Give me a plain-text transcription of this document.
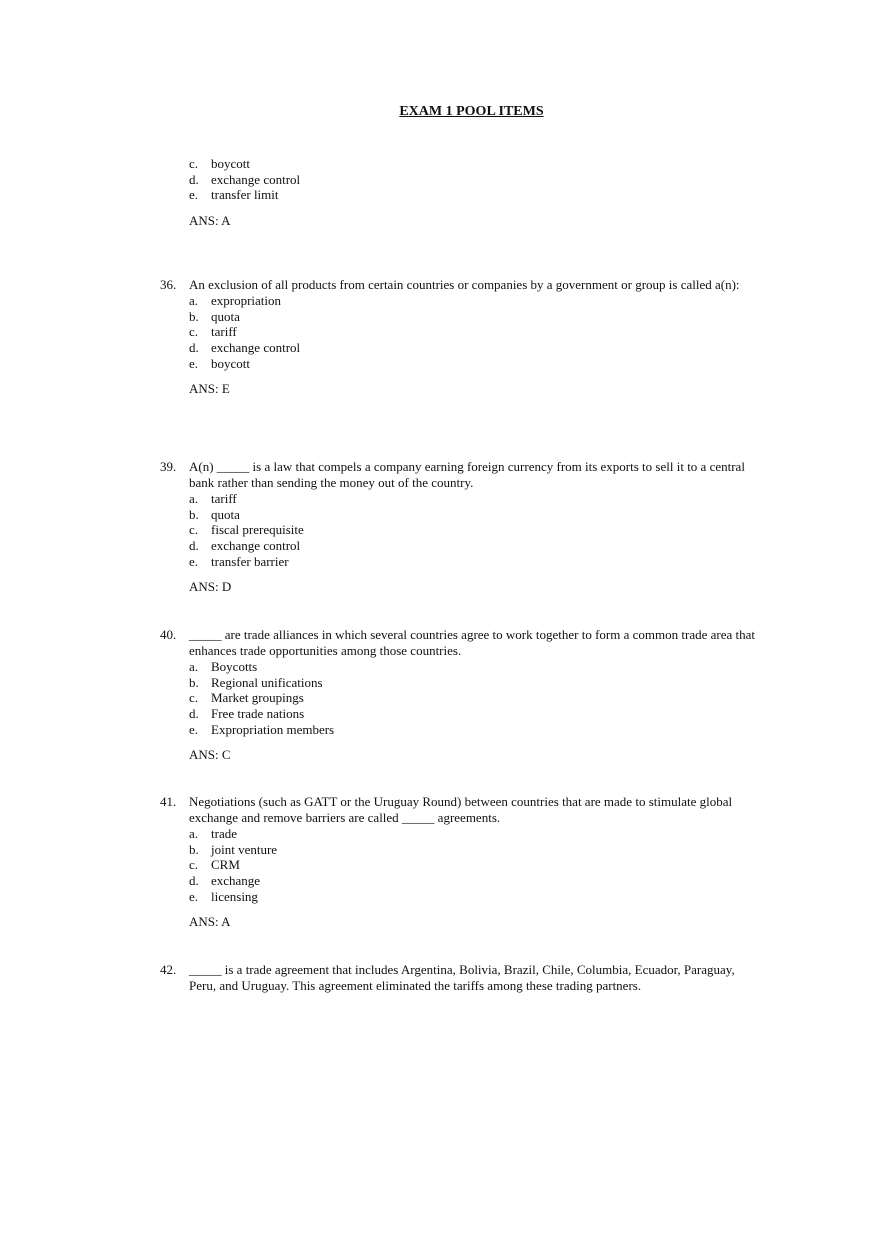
EXAM 1 POOL ITEMS
c. boycott
d. exchange control
e. transfer limit
ANS: A
36. An exclusion of all products from certain countries or companies by a government or group is called a(n):
a. expropriation
b. quota
c. tariff
d. exchange control
e. boycott
ANS: E
39. A(n) _____ is a law that compels a company earning foreign currency from its exports to sell it to a central bank rather than sending the money out of the country.
a. tariff
b. quota
c. fiscal prerequisite
d. exchange control
e. transfer barrier
ANS: D
40. _____ are trade alliances in which several countries agree to work together to form a common trade area that enhances trade opportunities among those countries.
a. Boycotts
b. Regional unifications
c. Market groupings
d. Free trade nations
e. Expropriation members
ANS: C
41. Negotiations (such as GATT or the Uruguay Round) between countries that are made to stimulate global exchange and remove barriers are called _____ agreements.
a. trade
b. joint venture
c. CRM
d. exchange
e. licensing
ANS: A
42. _____ is a trade agreement that includes Argentina, Bolivia, Brazil, Chile, Columbia, Ecuador, Paraguay, Peru, and Uruguay. This agreement eliminated the tariffs among these trading partners.
